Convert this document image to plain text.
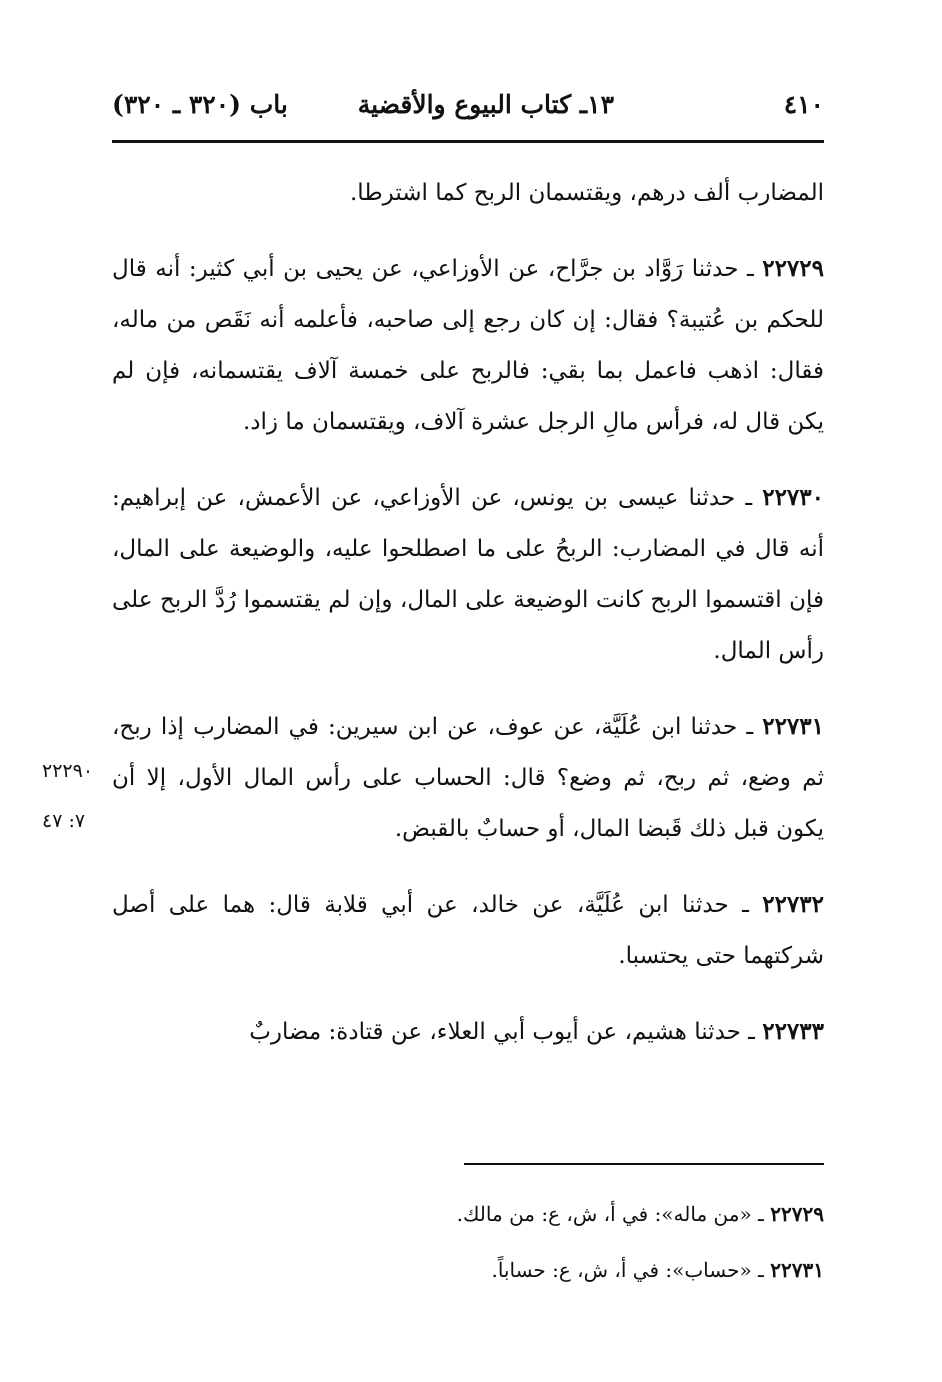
٤١٠
١٣ـ كتاب البيوع والأقضية
باب (٣٢٠ ـ ٣٢٠)

المضارب ألف درهم، ويقتسمان الربح كما اشترطا.

٢٢٧٢٩ ـ حدثنا رَوَّاد بن جرَّاح، عن الأوزاعي، عن يحيى بن أبي كثير: أنه قال للحكم بن عُتيبة؟ فقال: إن كان رجع إلى صاحبه، فأعلمه أنه نَقَص من ماله، فقال: اذهب فاعمل بما بقي: فالربح على خمسة آلاف يقتسمانه، فإن لم يكن قال له، فرأس مالِ الرجل عشرة آلاف، ويقتسمان ما زاد.

٢٢٧٣٠ ـ حدثنا عيسى بن يونس، عن الأوزاعي، عن الأعمش، عن إبراهيم: أنه قال في المضارب: الربحُ على ما اصطلحوا عليه، والوضيعة على المال، فإن اقتسموا الربح كانت الوضيعة على المال، وإن لم يقتسموا رُدَّ الربح على رأس المال.

٢٢٧٣١ ـ حدثنا ابن عُلَيَّة، عن عوف، عن ابن سيرين: في المضارب إذا ربح، ثم وضع، ثم ربح، ثم وضع؟ قال: الحساب على رأس المال الأول، إلا أن يكون قبل ذلك قَبضا المال، أو حسابٌ بالقبض.

٢٢٧٣٢ ـ حدثنا ابن عُلَيَّة، عن خالد، عن أبي قلابة قال: هما على أصل شركتهما حتى يحتسبا.

٢٢٧٣٣ ـ حدثنا هشيم، عن أيوب أبي العلاء، عن قتادة: مضاربٌ

٢٢٢٩٠
٧: ٤٧

٢٢٧٢٩ ـ «من ماله»: في أ، ش، ع: من مالك.

٢٢٧٣١ ـ «حساب»: في أ، ش، ع: حساباً.
